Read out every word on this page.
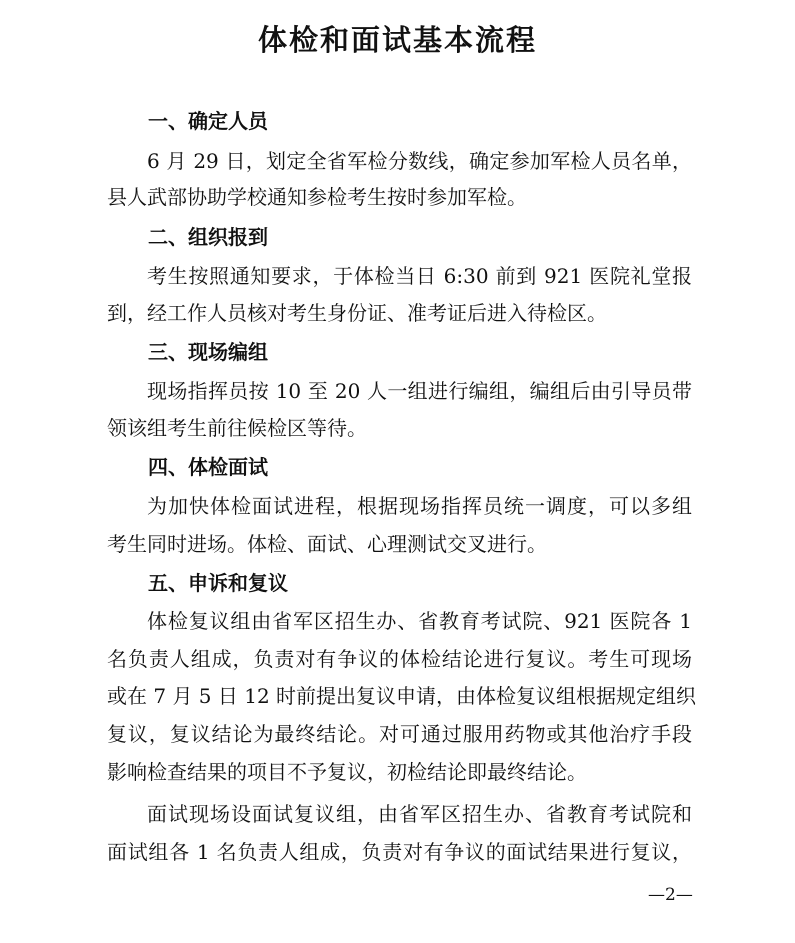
体检和面试基本流程
一、确定人员
6 月 29 日，划定全省军检分数线，确定参加军检人员名单，
县人武部协助学校通知参检考生按时参加军检。
二、组织报到
考生按照通知要求，于体检当日 6:30 前到 921 医院礼堂报
到，经工作人员核对考生身份证、准考证后进入待检区。
三、现场编组
现场指挥员按 10 至 20 人一组进行编组，编组后由引导员带
领该组考生前往候检区等待。
四、体检面试
为加快体检面试进程，根据现场指挥员统一调度，可以多组
考生同时进场。体检、面试、心理测试交叉进行。
五、申诉和复议
体检复议组由省军区招生办、省教育考试院、921 医院各 1
名负责人组成，负责对有争议的体检结论进行复议。考生可现场
或在 7 月 5 日 12 时前提出复议申请，由体检复议组根据规定组织
复议，复议结论为最终结论。对可通过服用药物或其他治疗手段
影响检查结果的项目不予复议，初检结论即最终结论。
面试现场设面试复议组，由省军区招生办、省教育考试院和
面试组各 1 名负责人组成，负责对有争议的面试结果进行复议，
—2—
